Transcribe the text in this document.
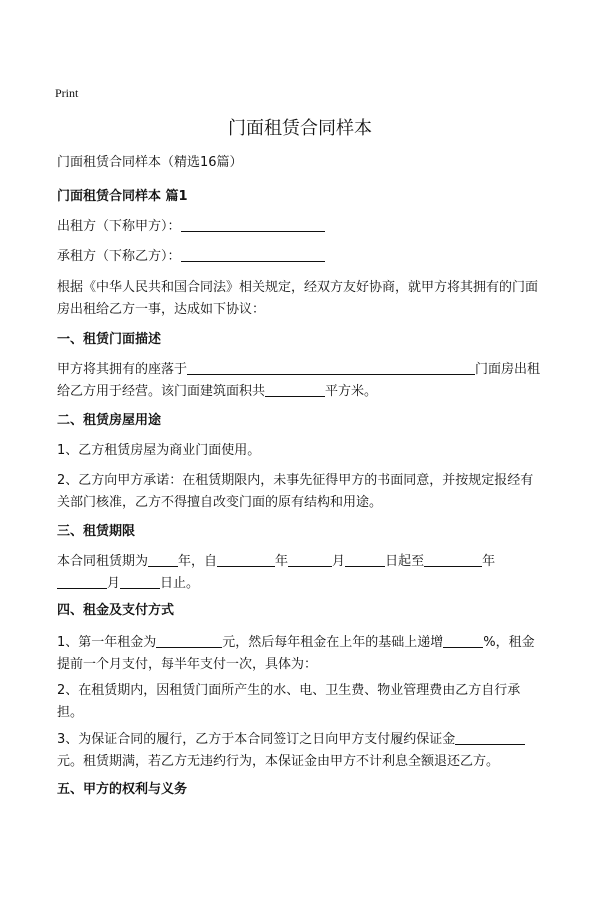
Print
门面租赁合同样本
门面租赁合同样本（精选16篇）
门面租赁合同样本 篇1
出租方（下称甲方）：
承租方（下称乙方）：
根据《中华人民共和国合同法》相关规定，经双方友好协商，就甲方将其拥有的门面房出租给乙方一事，达成如下协议：
一、租赁门面描述
甲方将其拥有的座落于	门面房出租
给乙方用于经营。该门面建筑面积共	平方米。
二、租赁房屋用途
1、乙方租赁房屋为商业门面使用。
2、乙方向甲方承诺：在租赁期限内，未事先征得甲方的书面同意，并按规定报经有关部门核准，乙方不得擅自改变门面的原有结构和用途。
三、租赁期限
本合同租赁期为 年，自	年	月	日起至	年
月	日止。
四、租金及支付方式
1、第一年租金为	元，然后每年租金在上年的基础上递增	%，租金提前一个月支付，每半年支付一次，具体为：
2、在租赁期内，因租赁门面所产生的水、电、卫生费、物业管理费由乙方自行承担。
3、为保证合同的履行，乙方于本合同签订之日向甲方支付履约保证金元。租赁期满，若乙方无违约行为，本保证金由甲方不计利息全额退还乙方。
五、甲方的权利与义务
